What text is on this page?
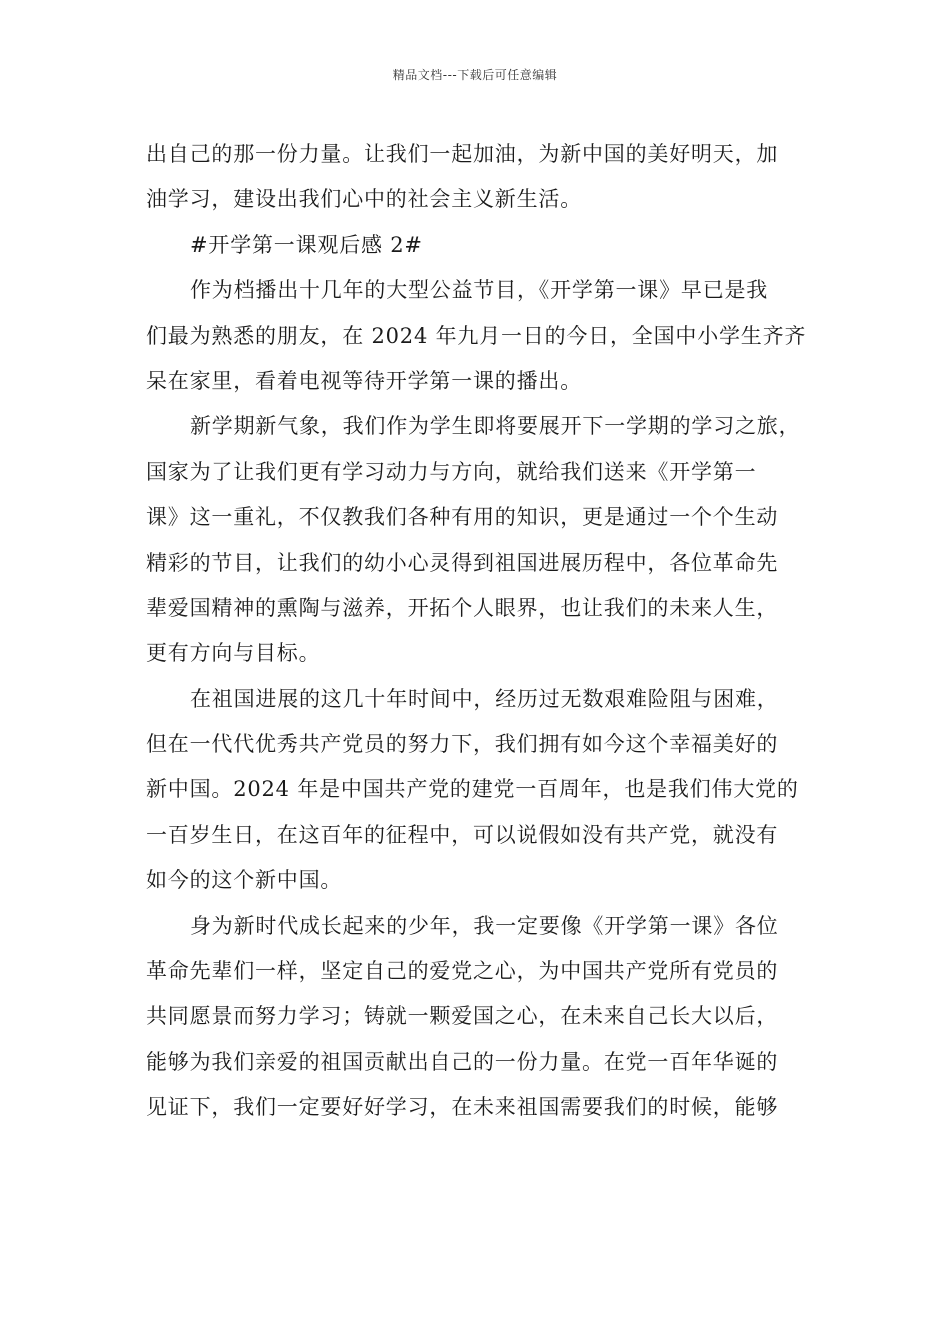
精品文档---下载后可任意编辑
出自己的那一份力量。让我们一起加油，为新中国的美好明天，加
油学习，建设出我们心中的社会主义新生活。
#开学第一课观后感 2#
作为档播出十几年的大型公益节目，《开学第一课》早已是我
们最为熟悉的朋友，在 2024 年九月一日的今日，全国中小学生齐齐
呆在家里，看着电视等待开学第一课的播出。
新学期新气象，我们作为学生即将要展开下一学期的学习之旅，
国家为了让我们更有学习动力与方向，就给我们送来《开学第一
课》这一重礼，不仅教我们各种有用的知识，更是通过一个个生动
精彩的节目，让我们的幼小心灵得到祖国进展历程中，各位革命先
辈爱国精神的熏陶与滋养，开拓个人眼界，也让我们的未来人生，
更有方向与目标。
在祖国进展的这几十年时间中，经历过无数艰难险阻与困难，
但在一代代优秀共产党员的努力下，我们拥有如今这个幸福美好的
新中国。2024 年是中国共产党的建党一百周年，也是我们伟大党的
一百岁生日，在这百年的征程中，可以说假如没有共产党，就没有
如今的这个新中国。
身为新时代成长起来的少年，我一定要像《开学第一课》各位
革命先辈们一样，坚定自己的爱党之心，为中国共产党所有党员的
共同愿景而努力学习；铸就一颗爱国之心，在未来自己长大以后，
能够为我们亲爱的祖国贡献出自己的一份力量。在党一百年华诞的
见证下，我们一定要好好学习，在未来祖国需要我们的时候，能够
